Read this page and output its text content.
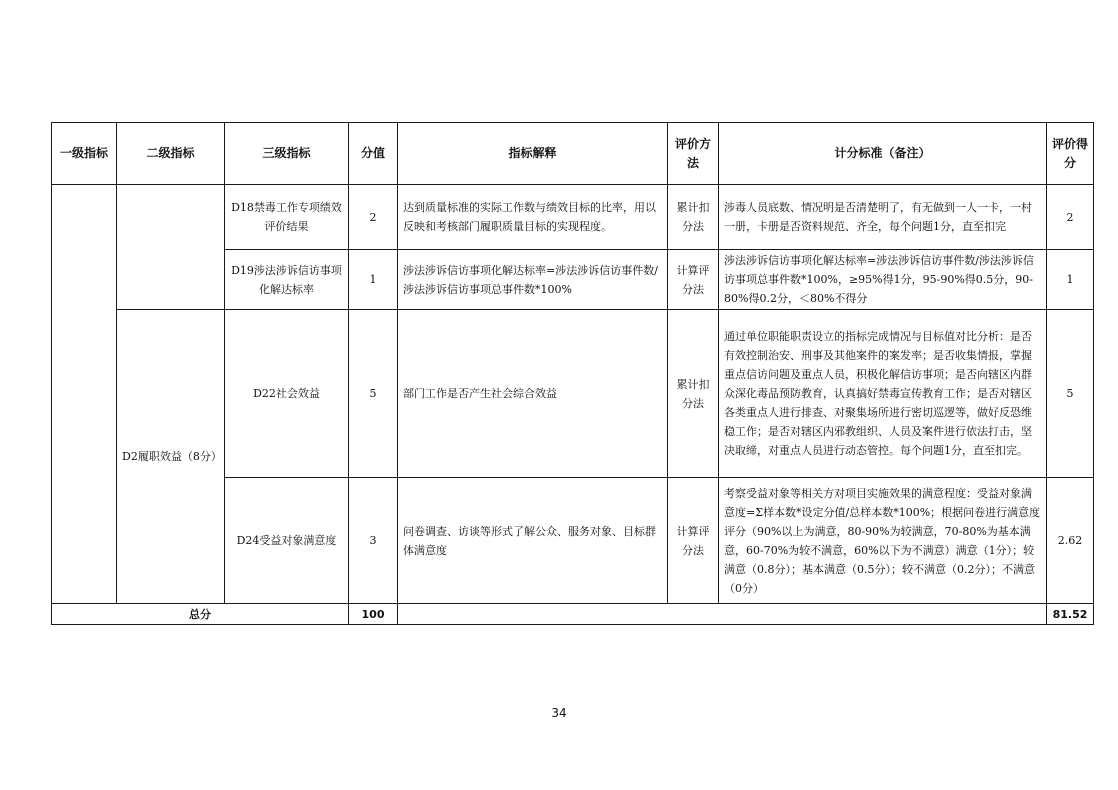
一级指标	二级指标	三级指标	分值	指标解释	评价方法	计分标准（备注）	评价得分
		D18禁毒工作专项绩效评价结果	2	达到质量标准的实际工作数与绩效目标的比率，用以反映和考核部门履职质量目标的实现程度。	累计扣分法	涉毒人员底数、情况明是否清楚明了，有无做到一人一卡，一村一册，卡册是否资料规范、齐全，每个问题1分，直至扣完	2
		D19涉法涉诉信访事项化解达标率	1	涉法涉诉信访事项化解达标率=涉法涉诉信访事件数/涉法涉诉信访事项总事件数*100%	计算评分法	涉法涉诉信访事项化解达标率=涉法涉诉信访事件数/涉法涉诉信访事项总事件数*100%，≥95%得1分，95-90%得0.5分，90-80%得0.2分，＜80%不得分	1
	D2履职效益（8分）	D22社会效益	5	部门工作是否产生社会综合效益	累计扣分法	通过单位职能职责设立的指标完成情况与目标值对比分析：是否有效控制治安、刑事及其他案件的案发率；是否收集情报，掌握重点信访问题及重点人员，积极化解信访事项；是否向辖区内群众深化毒品预防教育，认真搞好禁毒宣传教育工作；是否对辖区各类重点人进行排查、对聚集场所进行密切巡逻等，做好反恐维稳工作；是否对辖区内邪教组织、人员及案件进行依法打击，坚决取缔，对重点人员进行动态管控。每个问题1分，直至扣完。	5
		D24受益对象满意度	3	问卷调查、访谈等形式了解公众、服务对象、目标群体满意度	计算评分法	考察受益对象等相关方对项目实施效果的满意程度：受益对象满意度=Σ样本数*设定分值/总样本数*100%；根据问卷进行满意度评分（90%以上为满意，80-90%为较满意，70-80%为基本满意，60-70%为较不满意，60%以下为不满意）满意（1分）；较满意（0.8分）；基本满意（0.5分）；较不满意（0.2分）；不满意（0分）	2.62
总分			100				81.52
34
